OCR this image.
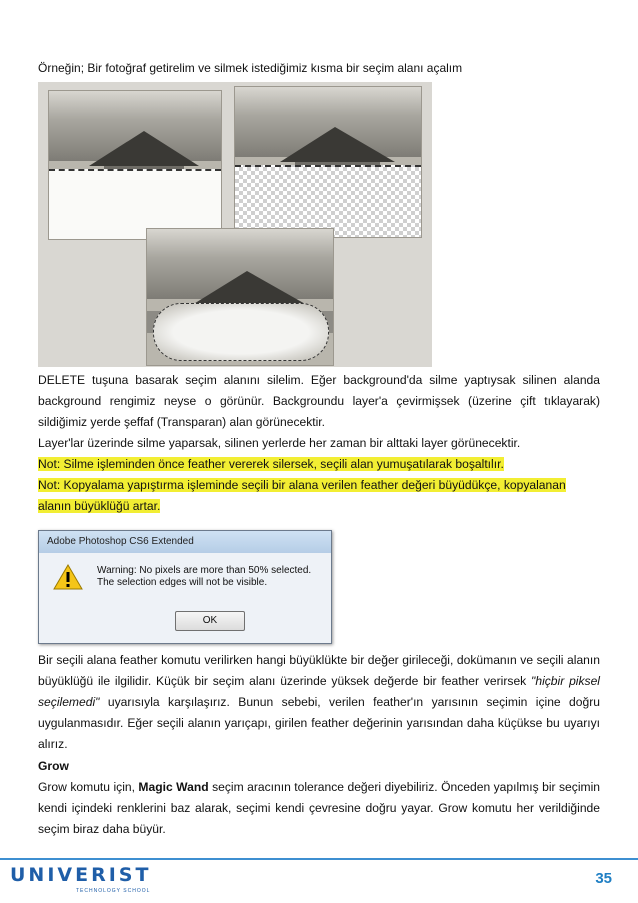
Örneğin; Bir fotoğraf getirelim ve silmek istediğimiz kısma bir seçim alanı açalım
DELETE tuşuna basarak seçim alanını silelim. Eğer background'da silme yaptıysak silinen alanda background rengimiz neyse o görünür. Backgroundu layer'a çevirmişsek (üzerine çift tıklayarak) sildiğimiz yerde şeffaf (Transparan) alan görünecektir.
Layer'lar üzerinde silme yaparsak, silinen yerlerde her zaman bir alttaki layer görünecektir.
Not: Silme işleminden önce feather vererek silersek, seçili alan yumuşatılarak boşaltılır.
Not: Kopyalama yapıştırma işleminde seçili bir alana verilen feather değeri büyüdükçe, kopyalanan
alanın büyüklüğü artar.
Adobe Photoshop CS6 Extended
Warning: No pixels are more than 50% selected.
The selection edges will not be visible.
OK
Bir seçili alana feather komutu verilirken hangi büyüklükte bir değer girileceği, dokümanın ve seçili alanın büyüklüğü ile ilgilidir. Küçük bir seçim alanı üzerinde yüksek değerde bir feather verirsek "hiçbir piksel seçilemedi" uyarısıyla karşılaşırız. Bunun sebebi, verilen feather'ın yarısının seçimin içine doğru uygulanmasıdır. Eğer seçili alanın yarıçapı, girilen feather değerinin yarısından daha küçükse bu uyarıyı alırız.
Grow
Grow komutu için, Magic Wand seçim aracının tolerance değeri diyebiliriz. Önceden yapılmış bir seçimin kendi içindeki renklerini baz alarak, seçimi kendi çevresine doğru yayar. Grow komutu her verildiğinde seçim biraz daha büyür.
UNIVERIST
TECHNOLOGY SCHOOL
35
